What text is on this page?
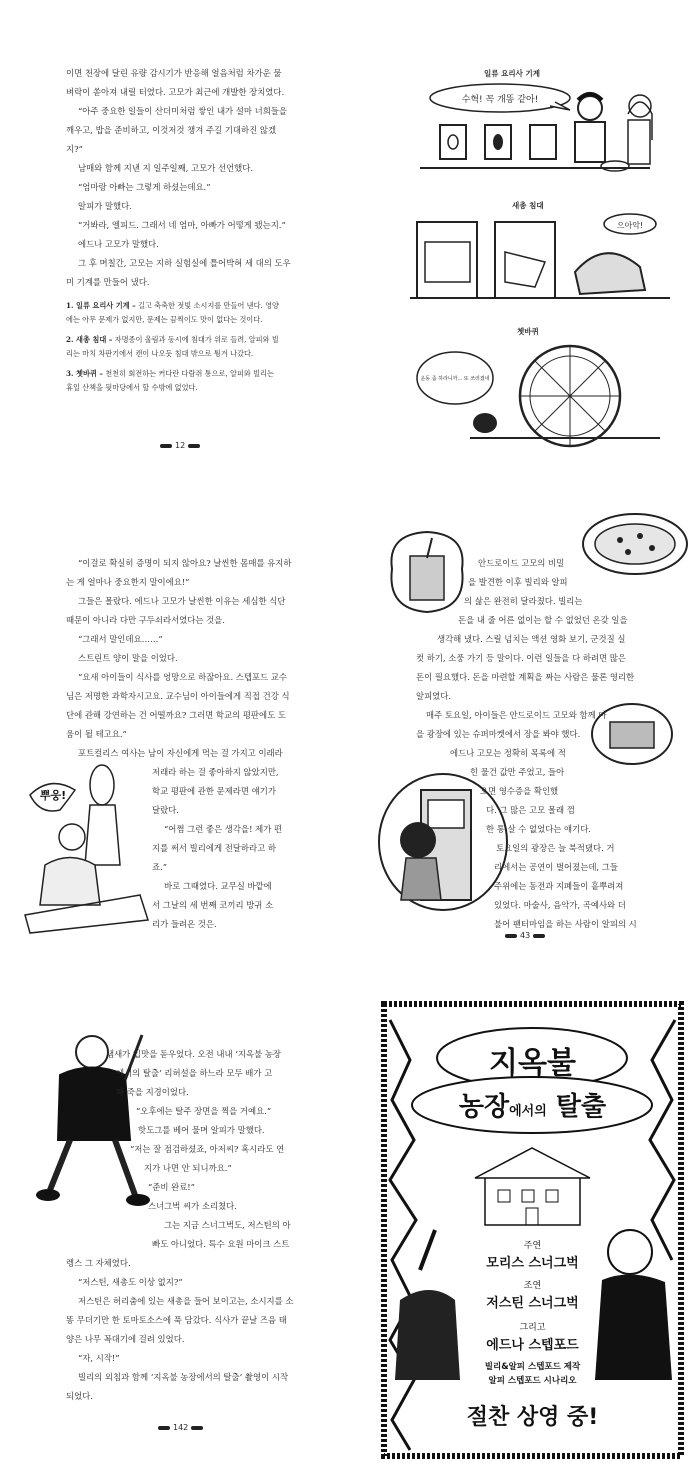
이면 천장에 달린 유량 감시기가 반응해 얼음처럼 차가운 물

벼락이 쏟아져 내릴 터였다. 고모가 최근에 개발한 장치였다.

“아주 중요한 일들이 산더미처럼 쌓인 내가 설마 너희들을

깨우고, 밥을 준비하고, 이것저것 챙겨 주길 기대하진 않겠

지?”

남매와 함께 지낸 지 일주일째, 고모가 선언했다.

“엄마랑 아빠는 그렇게 하셨는데요.”

알피가 말했다.

“거봐라, 엘피드. 그래서 네 엄마, 아빠가 어떻게 됐는지.”

에드나 고모가 말했다.

그 후 며칠간, 고모는 지하 실험실에 틀어박혀 세 대의 도우

미 기계를 만들어 냈다.

1. 일류 요리사 기계 – 길고 축축한 젓빛 소시지를 만들어 낸다. 영양

에는 아무 문제가 없지만, 문제는 끔찍이도 맛이 없다는 것이다.

2. 새총 침대 – 자명종이 울림과 동시에 침대가 위로 들려, 알피와 빌

리는 마치 차판기에서 캔이 나오듯 침대 밖으로 튕겨 나갔다.

3. 쳇바퀴 – 천천히 회전하는 커다란 다람쥐 통으로, 알피와 빌리는

휴일 산책을 뒷마당에서 할 수밖에 없었다.

12
일류 요리사 기계
수혁! 꼭 개똥 같아!
새총 침대
으아악!
쳇바퀴
운동 좀 하라니까... 또 쓰러졌네

“이걸로 확실히 증명이 되지 않아요? 날씬한 몸매를 유지하

는 게 얼마나 중요한지 말이에요!”

그들은 몰랐다. 에드나 고모가 날씬한 이유는 세심한 식단

때문이 아니라 다만 구두쇠라서였다는 것을.

“그래서 말인데요……”

스트린트 양이 말을 이었다.

“요새 아이들이 식사를 엉망으로 하잖아요. 스텝포드 교수

님은 저명한 과학자시고요. 교수님이 아이들에게 직접 건강 식

단에 관해 강연하는 건 어떨까요? 그러면 학교의 평판에도 도

움이 될 테고요.”

포트컬리스 여사는 남이 자신에게 먹는 걸 가지고 이래라

저래라 하는 걸 좋아하지 않았지만,

학교 평판에 관한 문제라면 얘기가

달랐다.

“어쩜 그런 좋은 생각을! 제가 편

지를 써서 빌리에게 전달하라고 하

죠.”

바로 그때였다. 교무실 바깥에

서 그날의 세 번째 코끼리 방귀 소

리가 들려온 것은.

뿌웅!

안드로이드 고모의 비밀

을 발견한 이후 빌리와 알피

의 삶은 완전히 달라졌다. 빌리는

돈을 내 줄 어른 없이는 할 수 없었던 온갖 일을

생각해 냈다. 스릴 넘치는 액션 영화 보기, 군것질 실

컷 하기, 소풍 가기 등 말이다. 이런 일들을 다 하려면 많은

돈이 필요했다. 돈을 마련할 계획을 짜는 사람은 물론 영리한

알피였다.

매주 토요일, 아이들은 안드로이드 고모와 함께 마

을 광장에 있는 슈퍼마켓에서 장을 봐야 했다.

에드나 고모는 정확히 목록에 적

힌 물건 값만 주었고, 들아

오면 영수증을 확인했

다. 그 많은 고모 몰래 껌

한 통 살 수 없었다는 얘기다.

토요일의 광장은 늘 북적댔다. 거

리에서는 공연이 벌어졌는데, 그들

주위에는 동전과 지폐들이 흩뿌려져

있었다. 마술사, 음악가, 곡예사와 더

불어 팬터마임을 하는 사람이 알피의 시

43

냄새가 입맛을 돋우었다. 오전 내내 ‘지옥불 농장

에서의 탈출’ 리허설을 하느라 모두 배가 고

파 죽을 지경이었다.

“오후에는 탈주 장면을 찍을 거예요.”

핫도그를 베어 물며 알피가 말했다.

“저는 잘 점검하셨죠, 아저씨? 혹시라도 연

지가 나면 안 되니까요.”

“준비 완료!”

스너그벅 씨가 소리쳤다.

그는 지금 스너그벅도, 저스틴의 아

빠도 아니었다. 특수 요원 마이크 스트

렝스 그 자체였다.

“저스틴, 새총도 이상 없지?”

저스틴은 허리춤에 있는 새총을 들어 보이고는, 소시지를 소

똥 무더기만 한 토마토소스에 푹 담갔다. 식사가 끝날 즈음 태

양은 나무 꼭대기에 걸려 있었다.

“자, 시작!”

빌리의 외침과 함께 ‘지옥불 농장에서의 탈출’ 촬영이 시작

되었다.

142
지옥불
농장에서의 탈출
주연
모리스 스너그벅
조연
저스틴 스너그벅
그리고
에드나 스텝포드
빌리&알피 스텝포드 제작
알피 스텝포드 시나리오
절찬 상영 중!
